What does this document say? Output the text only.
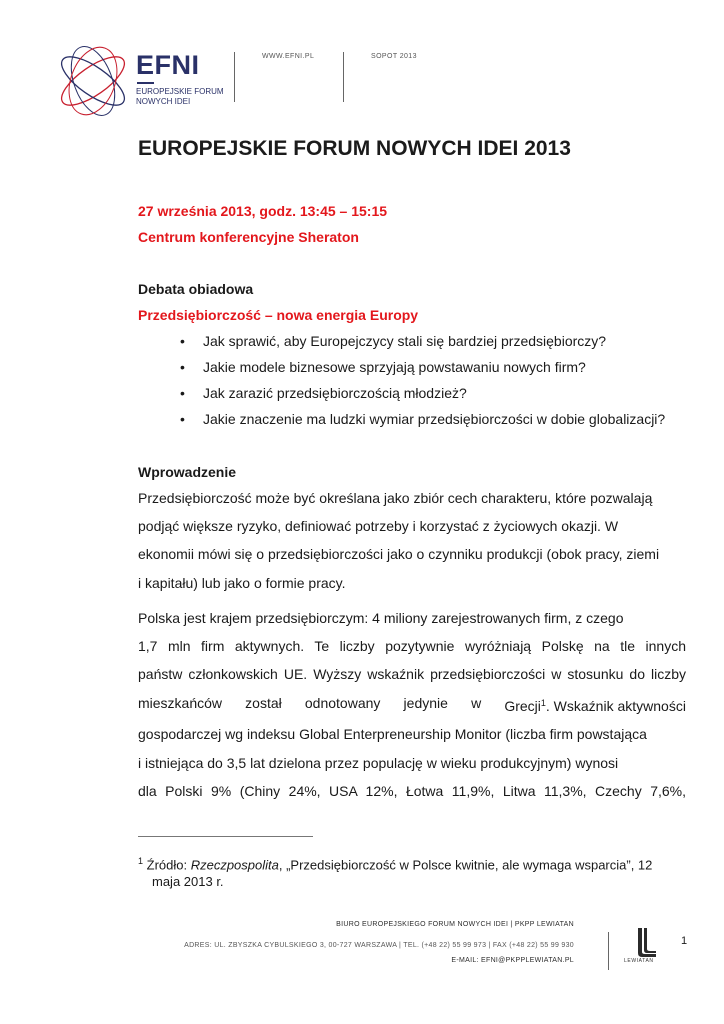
EFNI
EUROPEJSKIE FORUM
NOWYCH IDEI
WWW.EFNI.PL	SOPOT 2013
EUROPEJSKIE FORUM NOWYCH IDEI 2013

27 września 2013, godz. 13:45 – 15:15

Centrum konferencyjne Sheraton

Debata obiadowa

Przedsiębiorczość – nowa energia Europy

• Jak sprawić, aby Europejczycy stali się bardziej przedsiębiorczy?
• Jakie modele biznesowe sprzyjają powstawaniu nowych firm?
• Jak zarazić przedsiębiorczością młodzież?
• Jakie znaczenie ma ludzki wymiar przedsiębiorczości w dobie globalizacji?

Wprowadzenie

Przedsiębiorczość może być określana jako zbiór cech charakteru, które pozwalają
podjąć większe ryzyko, definiować potrzeby i korzystać z życiowych okazji. W
ekonomii mówi się o przedsiębiorczości jako o czynniku produkcji (obok pracy, ziemi
i kapitału) lub jako o formie pracy.
Polska jest krajem przedsiębiorczym: 4 miliony zarejestrowanych firm, z czego
1,7 mln firm aktywnych. Te liczby pozytywnie wyróżniają Polskę na tle innych
państw członkowskich UE. Wyższy wskaźnik przedsiębiorczości w stosunku do liczby
mieszkańców został odnotowany jedynie w Grecji$^1$. Wskaźnik aktywności
gospodarczej wg indeksu Global Enterpreneurship Monitor (liczba firm powstająca
i istniejąca do 3,5 lat dzielona przez populację w wieku produkcyjnym) wynosi
dla Polski 9% (Chiny 24%, USA 12%, Łotwa 11,9%, Litwa 11,3%, Czechy 7,6%,

$^1$ Źródło: Rzeczpospolita, „Przedsiębiorczość w Polsce kwitnie, ale wymaga wsparcia”, 12
maja 2013 r.

BIURO EUROPEJSKIEGO FORUM NOWYCH IDEI | PKPP LEWIATAN
ADRES: UL. ZBYSZKA CYBULSKIEGO 3, 00-727 WARSZAWA | TEL. (+48 22) 55 99 973 | FAX (+48 22) 55 99 930
E-MAIL: EFNI@PKPPLEWIATAN.PL	LEWIATAN
1
